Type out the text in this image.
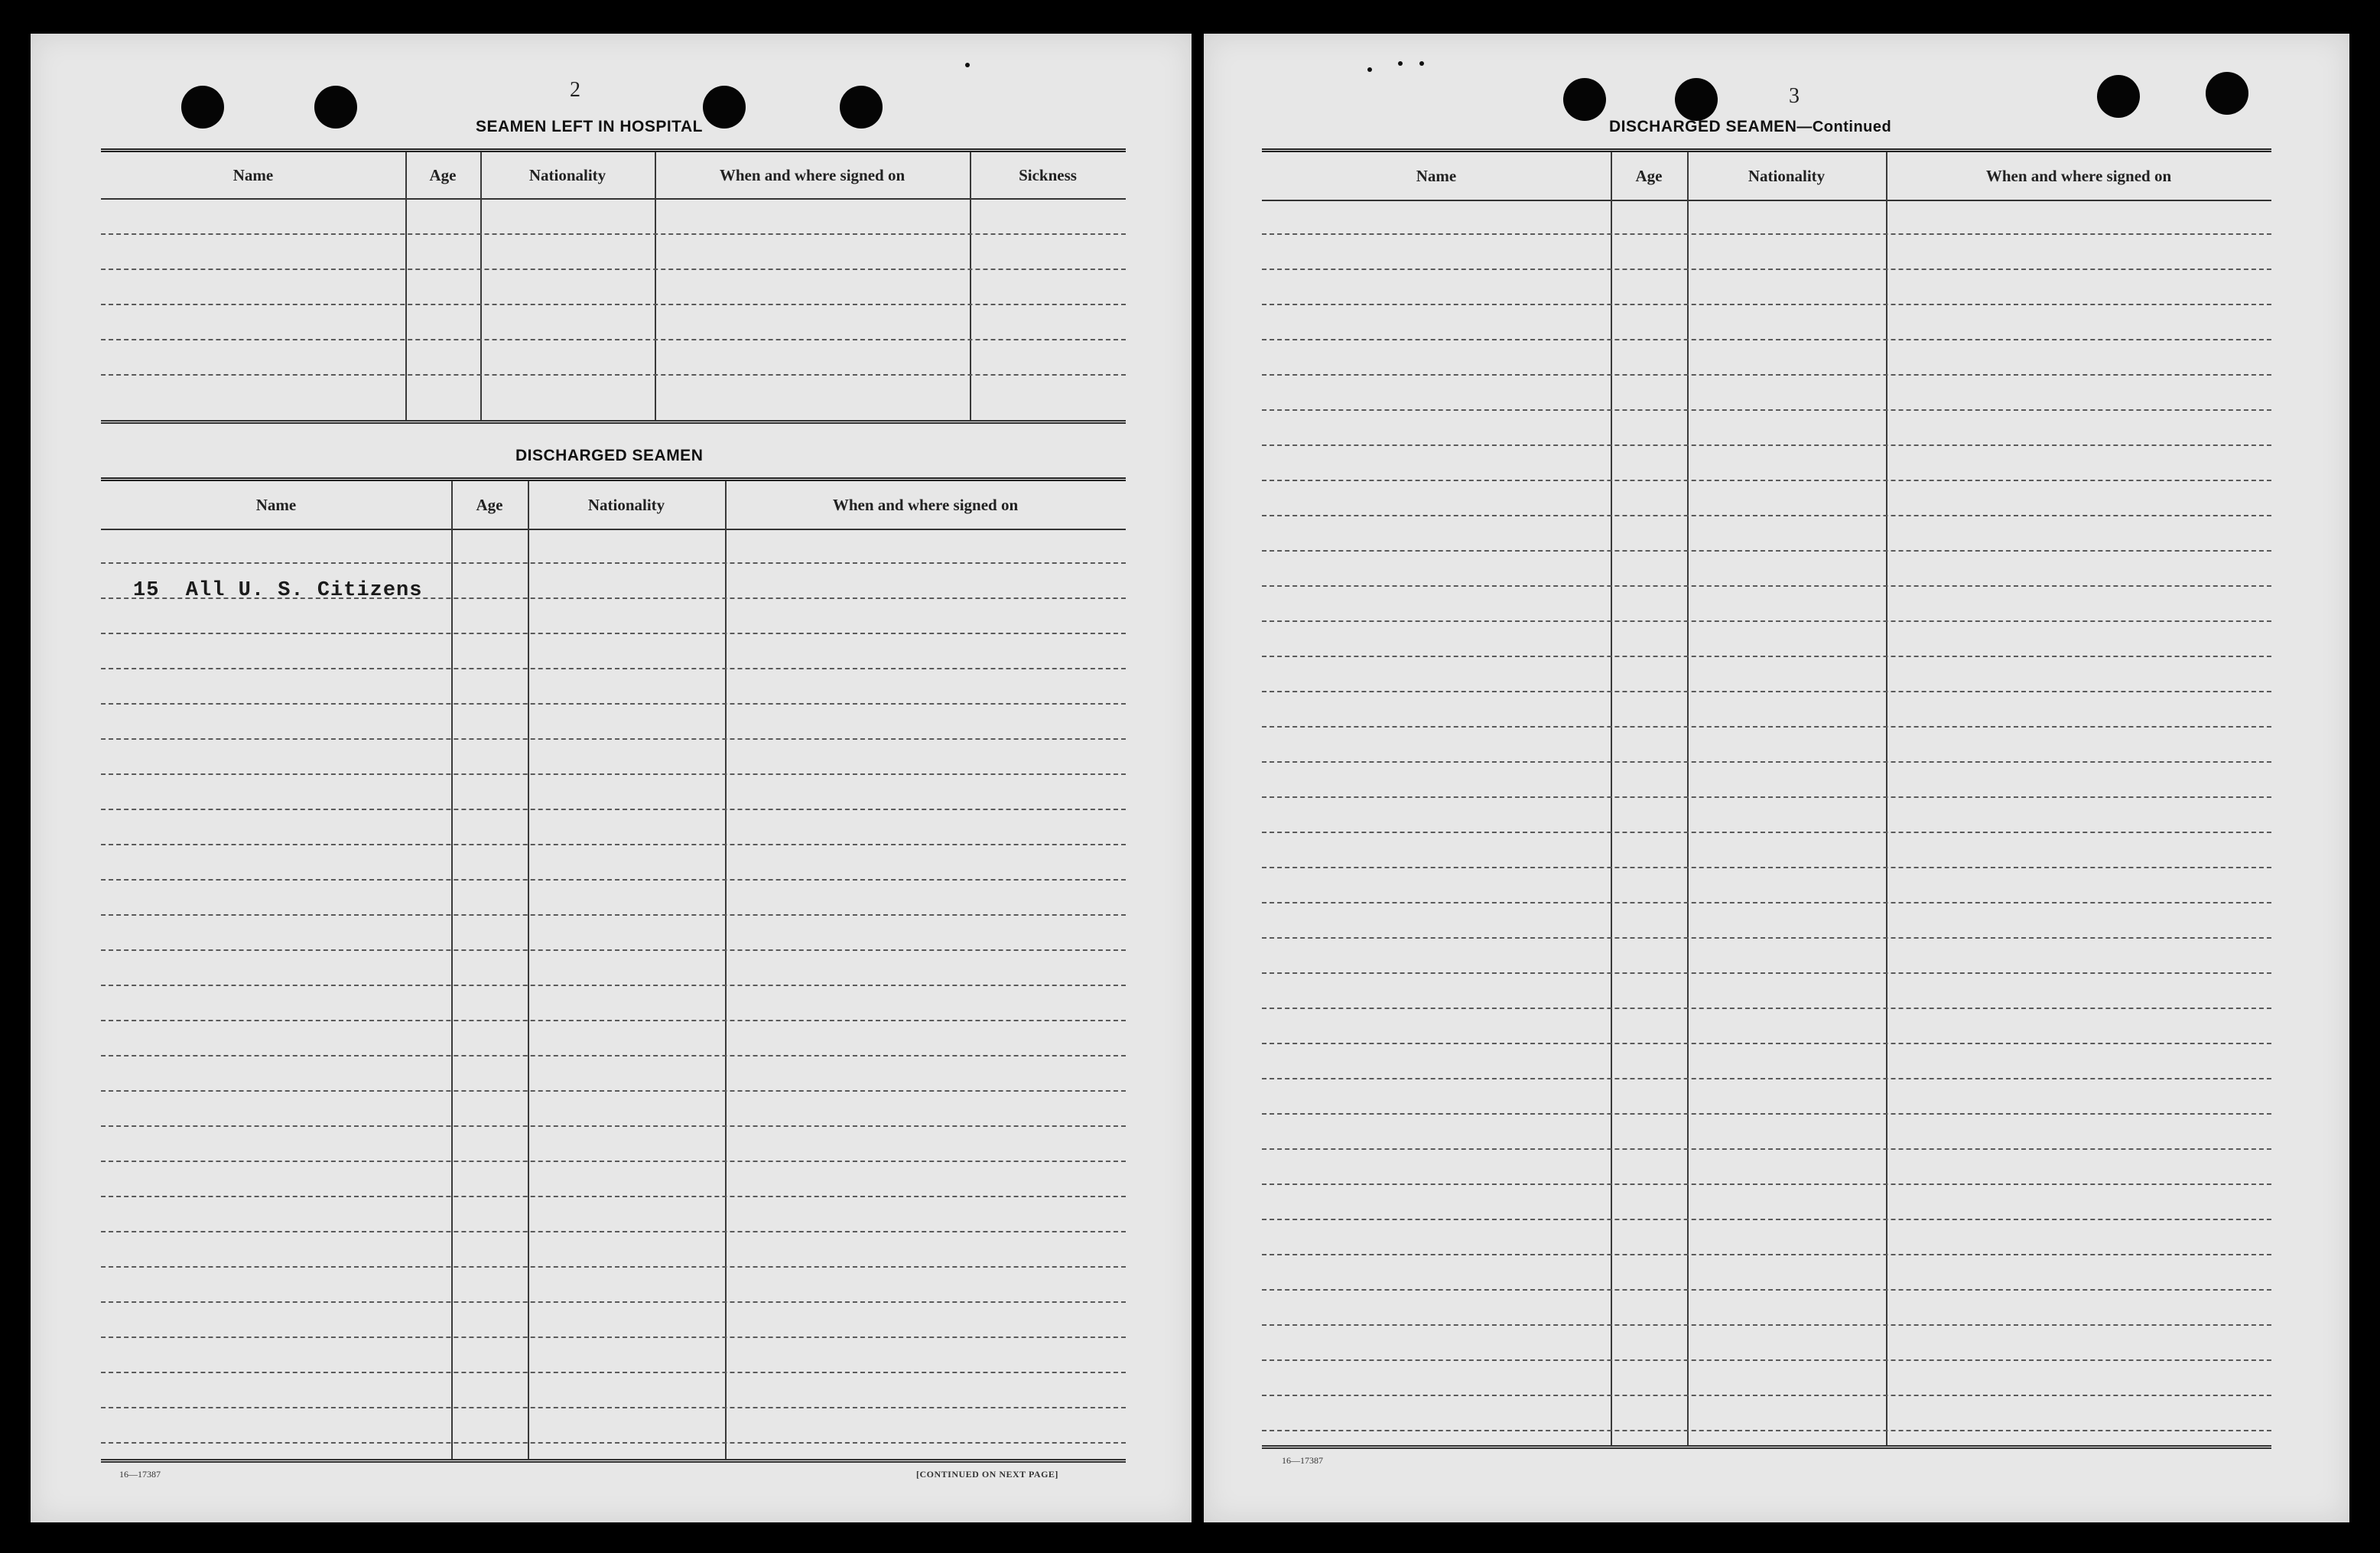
2
SEAMEN LEFT IN HOSPITAL
Name	Age	Nationality	When and where signed on	Sickness
DISCHARGED SEAMEN
Name	Age	Nationality	When and where signed on
15  All U. S. Citizens
16—17387	[CONTINUED ON NEXT PAGE]
3
DISCHARGED SEAMEN—Continued
Name	Age	Nationality	When and where signed on
16—17387
